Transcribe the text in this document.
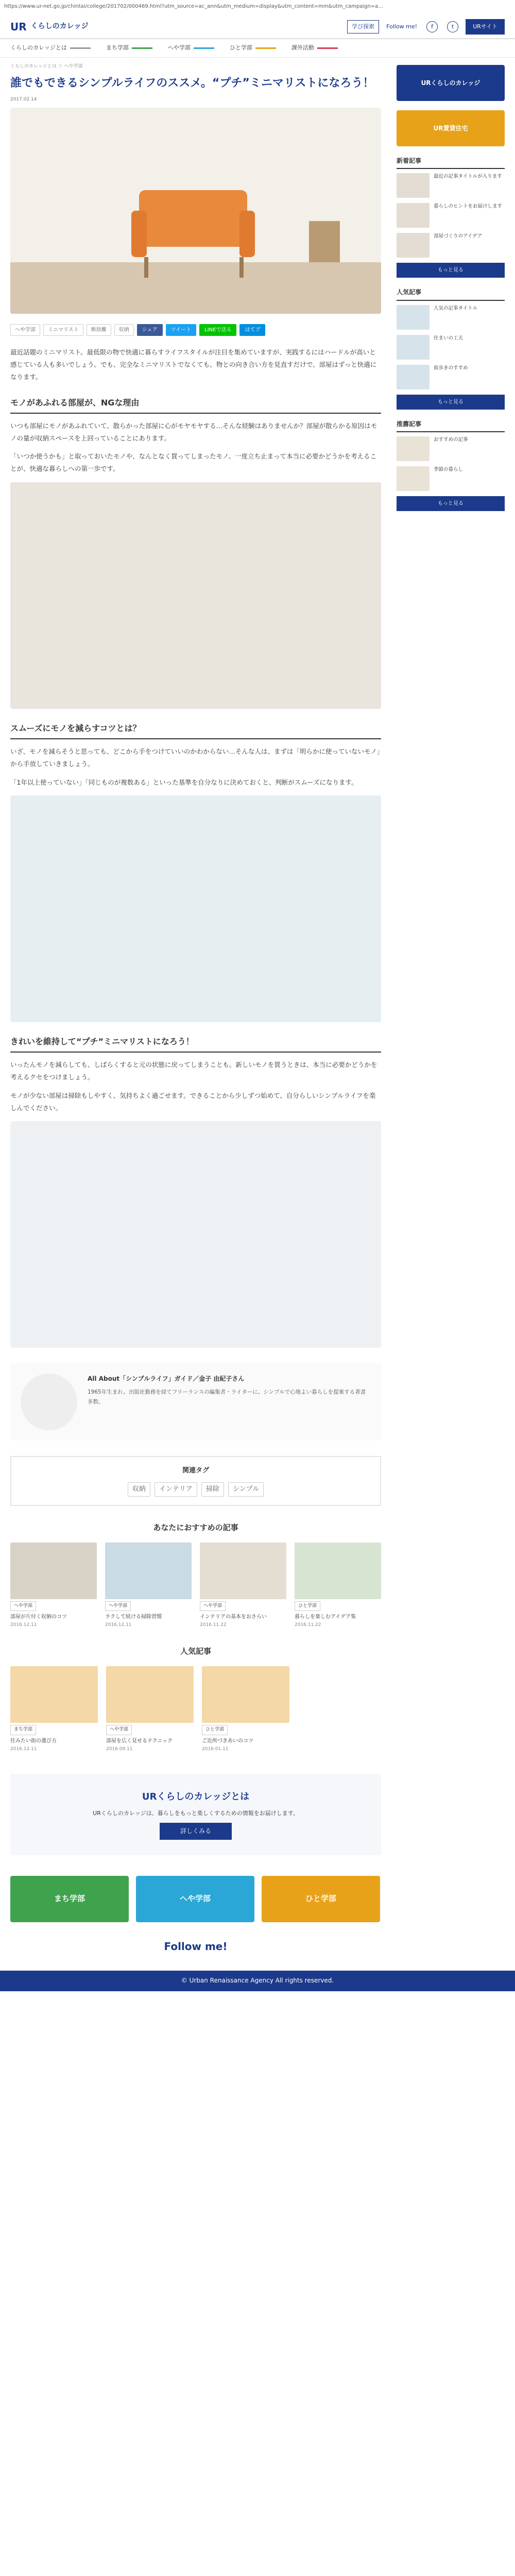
https://www.ur-net.go.jp/chintai/college/201702/000469.html?utm_source=ac_ann&utm_medium=display&utm_content=mm&utm_campaign=a...
UR くらしのカレッジ	学び探索	Follow me!	f	t	URサイト
くらしのカレッジとは	まち学部	へや学部	ひと学部	課外活動
くらしのカレッジとは ＞ へや学部
誰でもできるシンプルライフのススメ。“プチ”ミニマリストになろう！
2017.02.14
へや学部	ミニマリスト	断捨離	収納	シェア	ツイート	LINEで送る	はてブ

最近話題のミニマリスト。最低限の物で快適に暮らすライフスタイルが注目を集めていますが、実践するにはハードルが高いと感じている人も多いでしょう。でも、完全なミニマリストでなくても、物との向き合い方を見直すだけで、部屋はずっと快適になります。

モノがあふれる部屋が、NGな理由

いつも部屋にモノがあふれていて、散らかった部屋に心がモヤモヤする…そんな経験はありませんか？部屋が散らかる原因はモノの量が収納スペースを上回っていることにあります。

「いつか使うかも」と取っておいたモノや、なんとなく買ってしまったモノ。一度立ち止まって本当に必要かどうかを考えることが、快適な暮らしへの第一歩です。

スムーズにモノを減らすコツとは？

いざ、モノを減らそうと思っても、どこから手をつけていいのかわからない…そんな人は、まずは「明らかに使っていないモノ」から手放していきましょう。

「1年以上使っていない」「同じものが複数ある」といった基準を自分なりに決めておくと、判断がスムーズになります。

きれいを維持して“プチ”ミニマリストになろう！

いったんモノを減らしても、しばらくすると元の状態に戻ってしまうことも。新しいモノを買うときは、本当に必要かどうかを考えるクセをつけましょう。

モノが少ない部屋は掃除もしやすく、気持ちよく過ごせます。できることから少しずつ始めて、自分らしいシンプルライフを楽しんでください。

All About「シンプルライフ」ガイド／金子 由紀子さん
1965年生まれ。出版社勤務を経てフリーランスの編集者・ライターに。シンプルで心地よい暮らしを提案する著書多数。
関連タグ
収納	インテリア	掃除	シンプル
あなたにおすすめの記事
へや学部
部屋が片付く収納のコツ
2016.12.11
へや学部
ラクして続ける掃除習慣
2016.12.11
へや学部
インテリアの基本をおさらい
2016.11.22
ひと学部
暮らしを楽しむアイデア集
2016.11.22
人気記事
まち学部
住みたい街の選び方
2016.12.11
へや学部
部屋を広く見せるテクニック
2016.09.11
ひと学部
ご近所づきあいのコツ
2016.01.11
URくらしのカレッジとは
URくらしのカレッジは、暮らしをもっと楽しくするための情報をお届けします。
詳しくみる
まち学部	へや学部	ひと学部
Follow me!
URくらしのカレッジ
UR賃貸住宅
新着記事
最近の記事タイトルが入ります
暮らしのヒントをお届けします
部屋づくりのアイデア
もっと見る
人気記事
人気の記事タイトル
住まいの工夫
街歩きのすすめ
もっと見る
推薦記事
おすすめの記事
季節の暮らし
もっと見る
© Urban Renaissance Agency All rights reserved.
